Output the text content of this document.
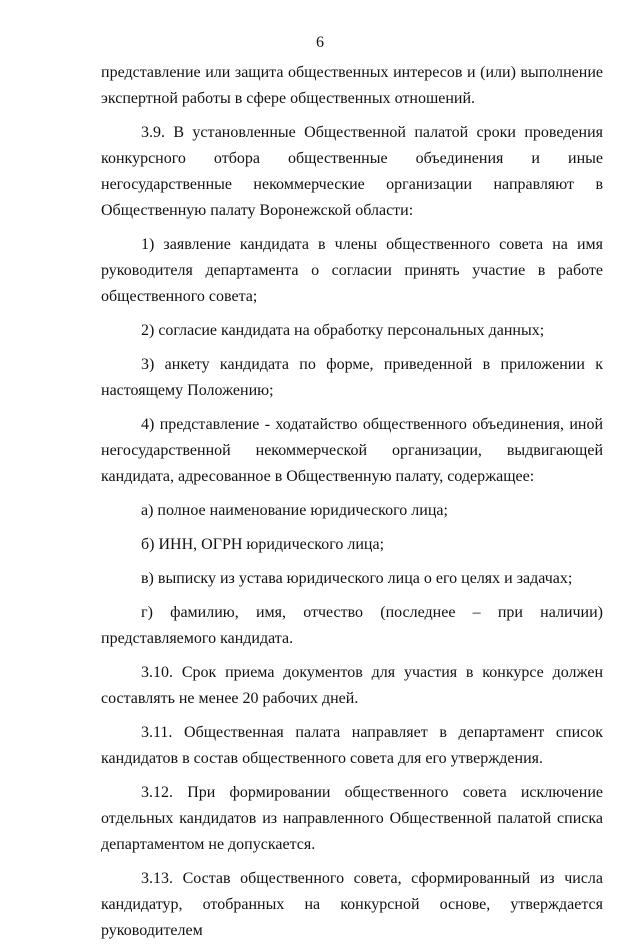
6

представление или защита общественных интересов и (или) выполнение экспертной работы в сфере общественных отношений.

3.9. В установленные Общественной палатой сроки проведения конкурсного отбора общественные объединения и иные негосударственные некоммерческие организации направляют в Общественную палату Воронежской области:

1) заявление кандидата в члены общественного совета на имя руководителя департамента о согласии принять участие в работе общественного совета;

2) согласие кандидата на обработку персональных данных;

3) анкету кандидата по форме, приведенной в приложении к настоящему Положению;

4) представление - ходатайство общественного объединения, иной негосударственной некоммерческой организации, выдвигающей кандидата, адресованное в Общественную палату, содержащее:

а) полное наименование юридического лица;

б) ИНН, ОГРН юридического лица;

в) выписку из устава юридического лица о его целях и задачах;

г) фамилию, имя, отчество (последнее – при наличии) представляемого кандидата.

3.10. Срок приема документов для участия в конкурсе должен составлять не менее 20 рабочих дней.

3.11. Общественная палата направляет в департамент список кандидатов в состав общественного совета для его утверждения.

3.12. При формировании общественного совета исключение отдельных кандидатов из направленного Общественной палатой списка департаментом не допускается.

3.13. Состав общественного совета, сформированный из числа кандидатур, отобранных на конкурсной основе, утверждается руководителем
